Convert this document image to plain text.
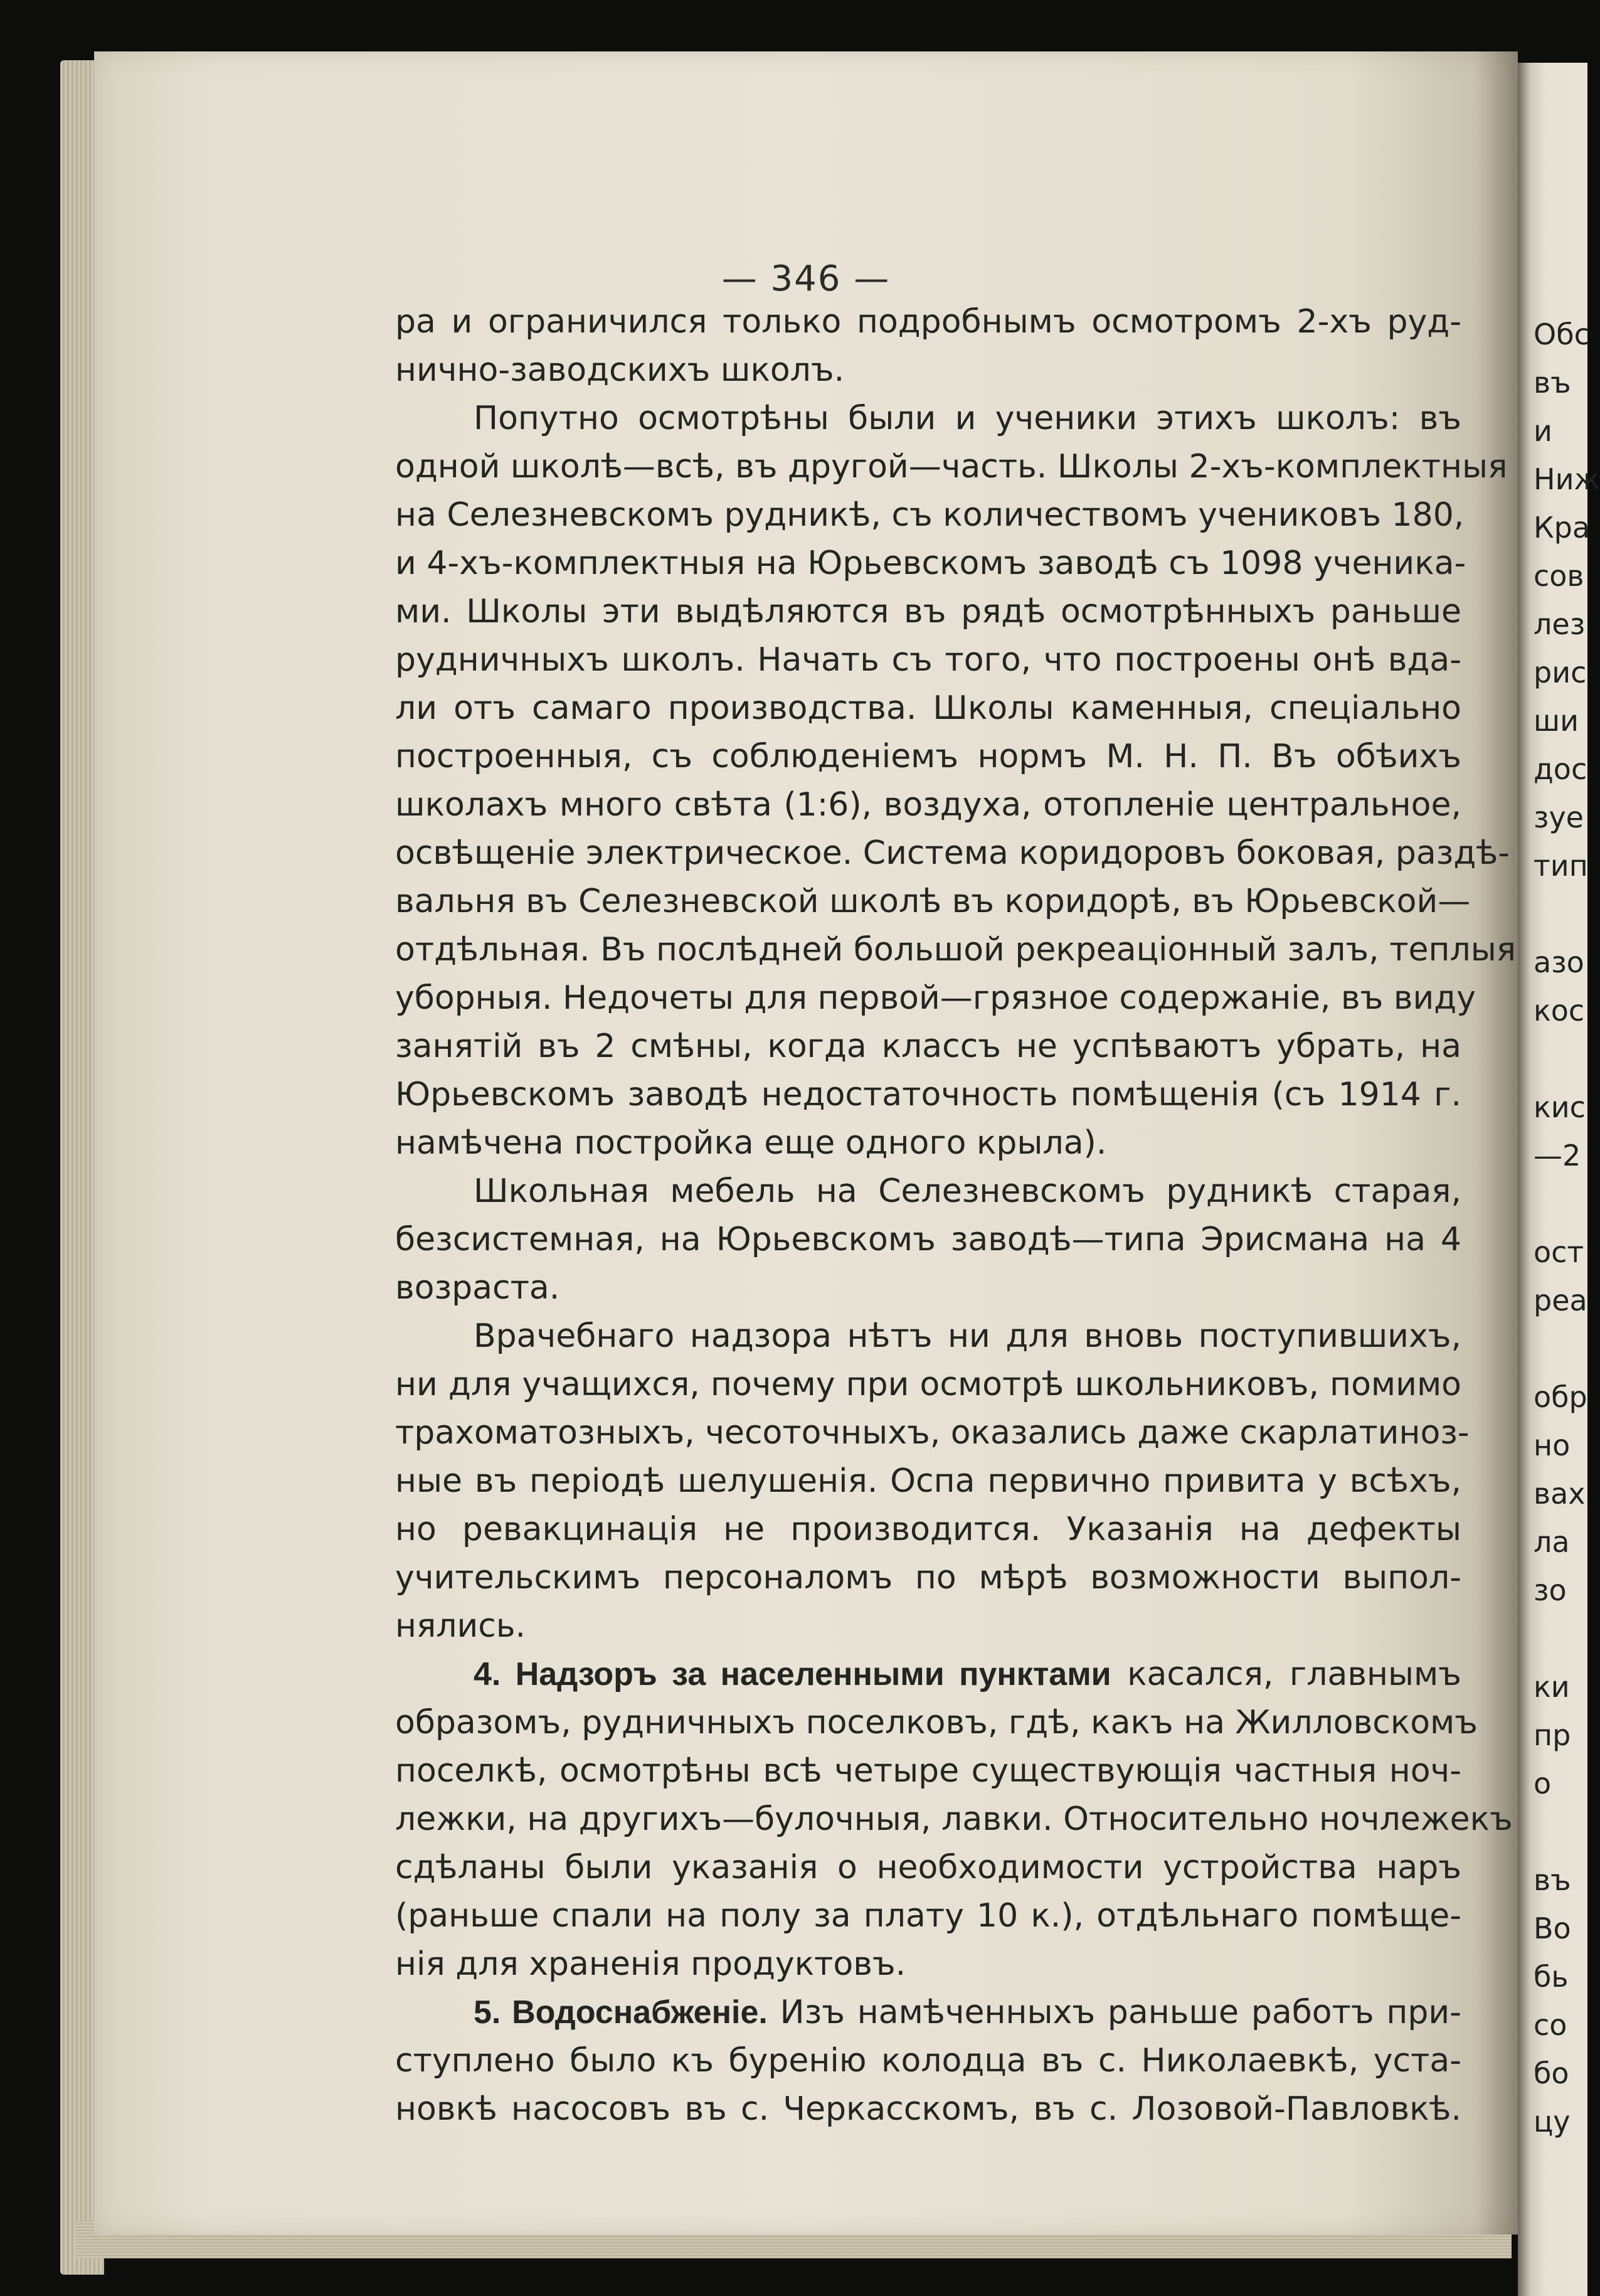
— 346 —
ра и ограничился только подробнымъ осмотромъ 2-хъ руд-
нично-заводскихъ школъ.
Попутно осмотрѣны были и ученики этихъ школъ: въ
одной школѣ—всѣ, въ другой—часть. Школы 2-хъ-комплектныя
на Селезневскомъ рудникѣ, съ количествомъ учениковъ 180,
и 4-хъ-комплектныя на Юрьевскомъ заводѣ съ 1098 ученика-
ми. Школы эти выдѣляются въ рядѣ осмотрѣнныхъ раньше
рудничныхъ школъ. Начать съ того, что построены онѣ вда-
ли отъ самаго производства. Школы каменныя, спеціально
построенныя, съ соблюденіемъ нормъ М. Н. П. Въ обѣихъ
школахъ много свѣта (1:6), воздуха, отопленіе центральное,
освѣщеніе электрическое. Система коридоровъ боковая, раздѣ-
вальня въ Селезневской школѣ въ коридорѣ, въ Юрьевской—
отдѣльная. Въ послѣдней большой рекреаціонный залъ, теплыя
уборныя. Недочеты для первой—грязное содержаніе, въ виду
занятій въ 2 смѣны, когда классъ не успѣваютъ убрать, на
Юрьевскомъ заводѣ недостаточность помѣщенія (съ 1914 г.
намѣчена постройка еще одного крыла).
Школьная мебель на Селезневскомъ рудникѣ старая,
безсистемная, на Юрьевскомъ заводѣ—типа Эрисмана на 4
возраста.
Врачебнаго надзора нѣтъ ни для вновь поступившихъ,
ни для учащихся, почему при осмотрѣ школьниковъ, помимо
трахоматозныхъ, чесоточныхъ, оказались даже скарлатиноз-
ные въ періодѣ шелушенія. Оспа первично привита у всѣхъ,
но ревакцинація не производится. Указанія на дефекты
учительскимъ персоналомъ по мѣрѣ возможности выпол-
нялись.
4. Надзоръ за населенными пунктами касался, главнымъ
образомъ, рудничныхъ поселковъ, гдѣ, какъ на Жилловскомъ
поселкѣ, осмотрѣны всѣ четыре существующія частныя ноч-
лежки, на другихъ—булочныя, лавки. Относительно ночлежекъ
сдѣланы были указанія о необходимости устройства наръ
(раньше спали на полу за плату 10 к.), отдѣльнаго помѣще-
нія для храненія продуктовъ.
5. Водоснабженіе. Изъ намѣченныхъ раньше работъ при-
ступлено было къ буренію колодца въ с. Николаевкѣ, уста-
новкѣ насосовъ въ с. Черкасскомъ, въ с. Лозовой-Павловкѣ.
Обс
въ
и
Ниж
Кра
сов
лез
рис
ши
дос
зуе
тип

азо
кос

кис
—2

ост
реа

обр
но
вах
ла
зо

ки
пр
о

въ
Во
бь
со
бо
цу
